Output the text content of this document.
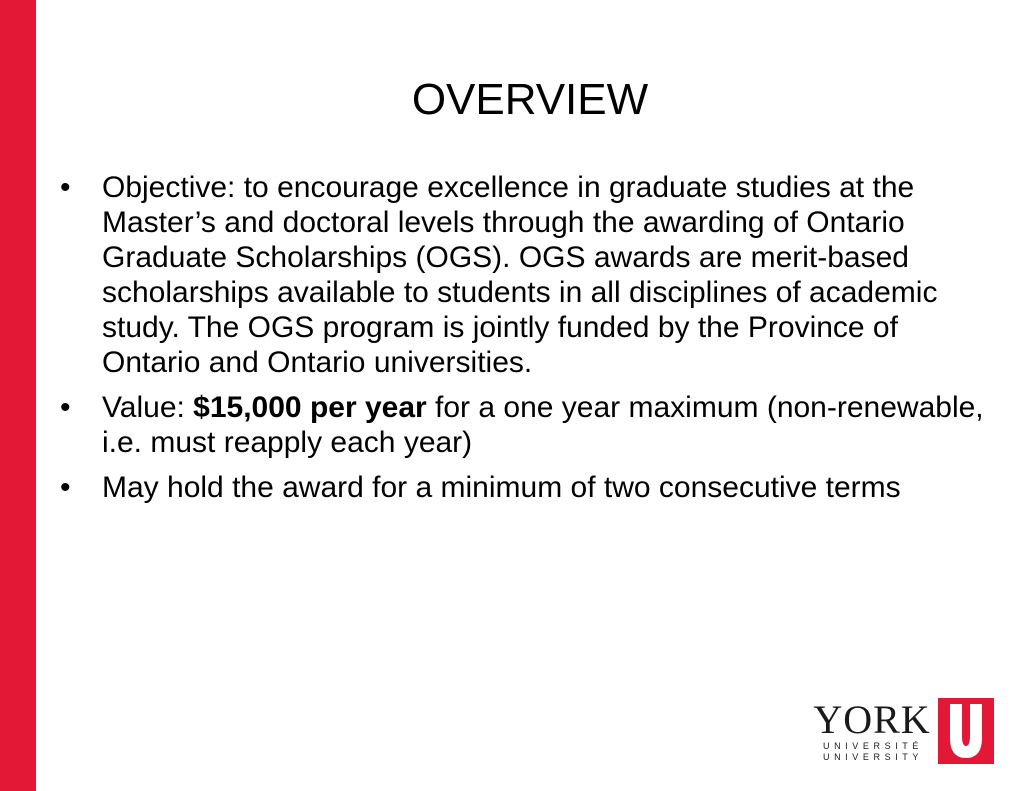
OVERVIEW
•	Objective: to encourage excellence in graduate studies at the Master’s and doctoral levels through the awarding of Ontario Graduate Scholarships (OGS). OGS awards are merit-based scholarships available to students in all disciplines of academic study. The OGS program is jointly funded by the Province of Ontario and Ontario universities.
•	Value: $15,000 per year for a one year maximum (non-renewable, i.e. must reapply each year)
•	May hold the award for a minimum of two consecutive terms
YORK
UNIVERSITÉ
UNIVERSITY
